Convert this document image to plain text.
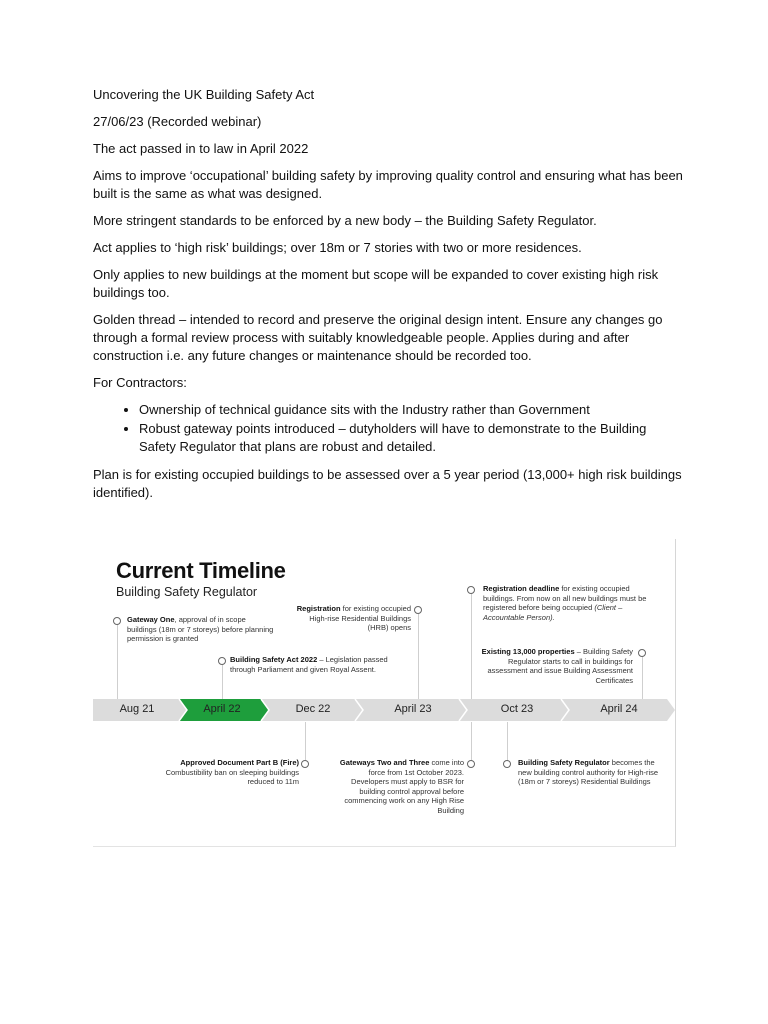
Uncovering the UK Building Safety Act

27/06/23 (Recorded webinar)

The act passed in to law in April 2022

Aims to improve ‘occupational’ building safety by improving quality control and ensuring what has been built is the same as what was designed.

More stringent standards to be enforced by a new body – the Building Safety Regulator.

Act applies to ‘high risk’ buildings; over 18m or 7 stories with two or more residences.

Only applies to new buildings at the moment but scope will be expanded to cover existing high risk buildings too.

Golden thread – intended to record and preserve the original design intent. Ensure any changes go through a formal review process with suitably knowledgeable people. Applies during and after construction i.e. any future changes or maintenance should be recorded too.

For Contractors:

• Ownership of technical guidance sits with the Industry rather than Government
• Robust gateway points introduced – dutyholders will have to demonstrate to the Building Safety Regulator that plans are robust and detailed.

Plan is for existing occupied buildings to be assessed over a 5 year period (13,000+ high risk buildings identified).

Current Timeline
Building Safety Regulator
Aug 21	April 22	Dec 22	April 23	Oct 23	April 24
Gateway One, approval of in scope buildings (18m or 7 storeys) before planning permission is granted
Building Safety Act 2022 – Legislation passed through Parliament and given Royal Assent.
Registration for existing occupied High-rise Residential Buildings (HRB) opens
Registration deadline for existing occupied buildings. From now on all new buildings must be registered before being occupied (Client – Accountable Person).
Existing 13,000 properties – Building Safety Regulator starts to call in buildings for assessment and issue Building Assessment Certificates
Approved Document Part B (Fire) Combustibility ban on sleeping buildings reduced to 11m
Gateways Two and Three come into force from 1st October 2023. Developers must apply to BSR for building control approval before commencing work on any High Rise Building
Building Safety Regulator becomes the new building control authority for High-rise (18m or 7 storeys) Residential Buildings
